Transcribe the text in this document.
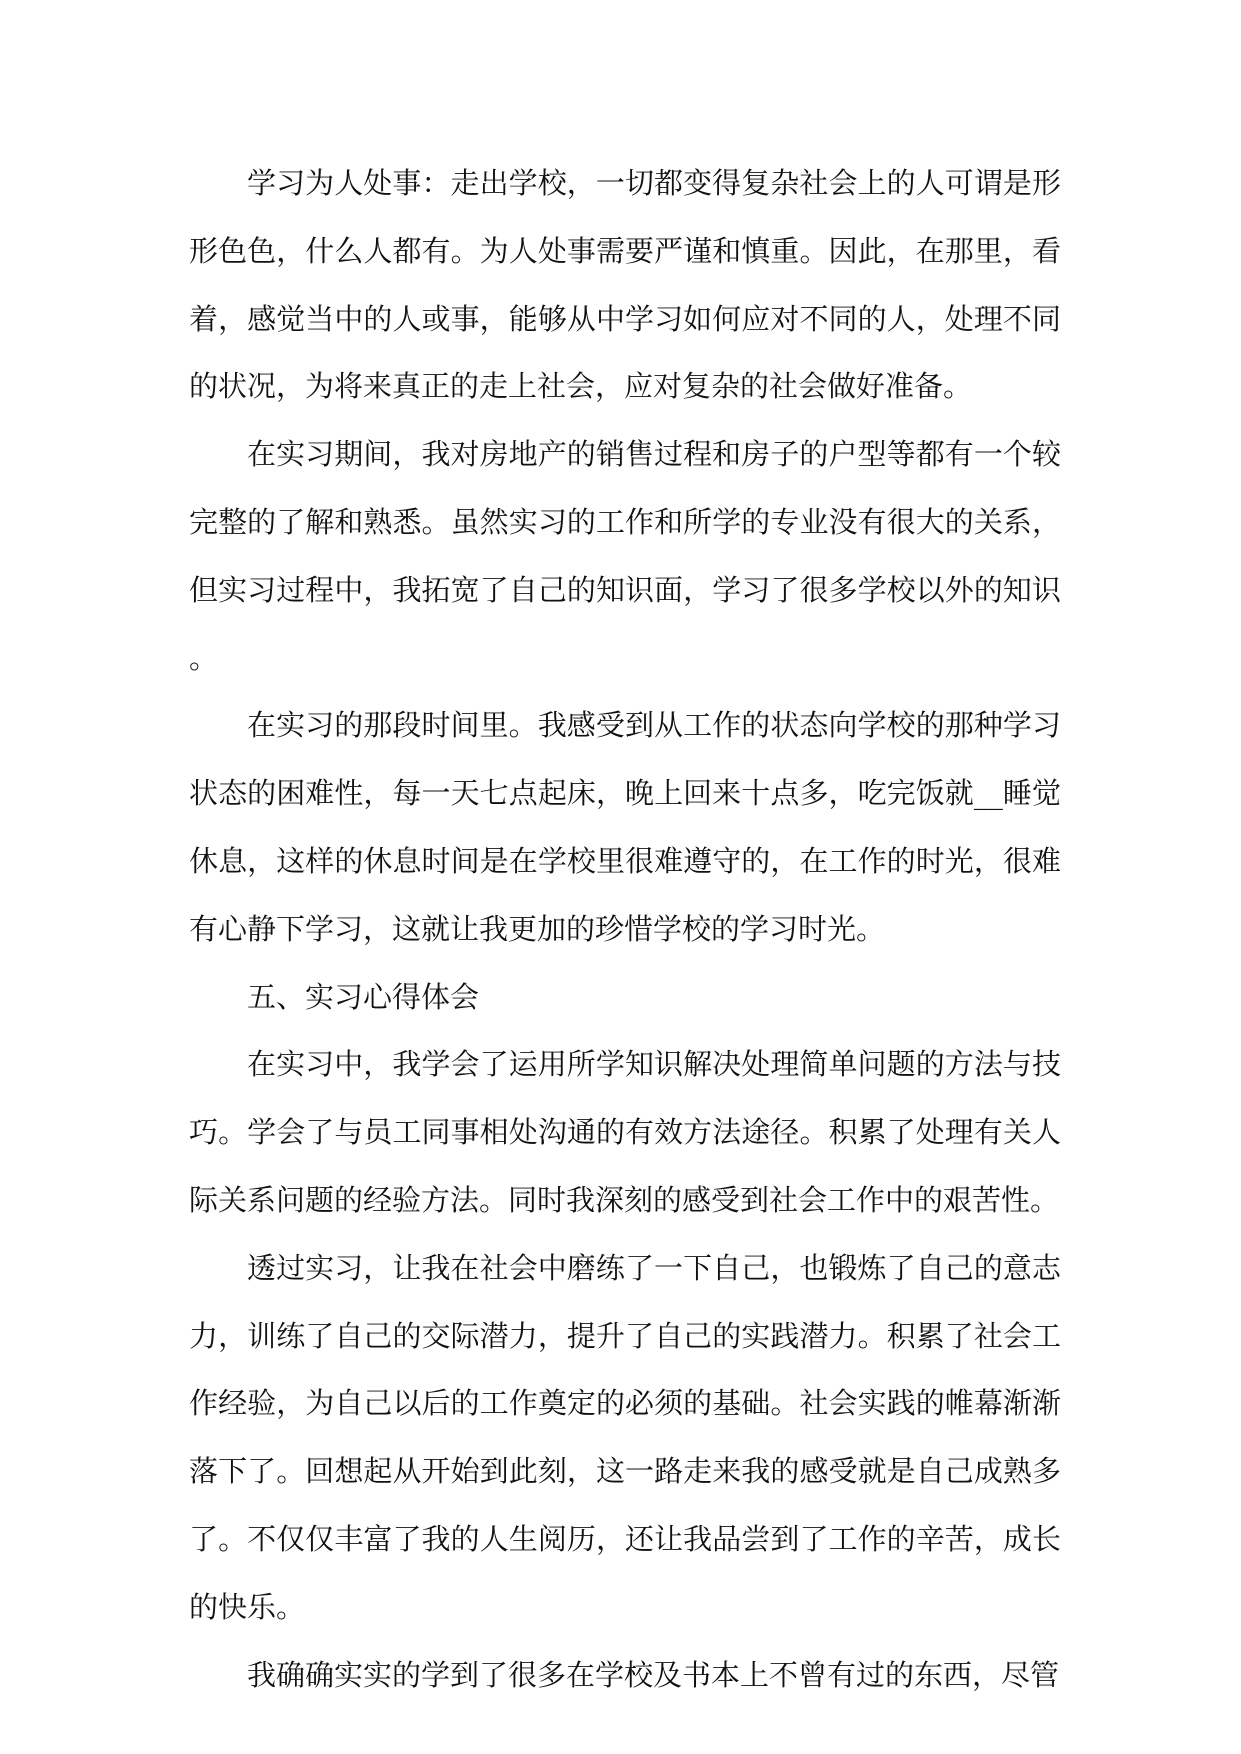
学习为人处事：走出学校，一切都变得复杂社会上的人可谓是形形色色，什么人都有。为人处事需要严谨和慎重。因此，在那里，看着，感觉当中的人或事，能够从中学习如何应对不同的人，处理不同的状况，为将来真正的走上社会，应对复杂的社会做好准备。

在实习期间，我对房地产的销售过程和房子的户型等都有一个较完整的了解和熟悉。虽然实习的工作和所学的专业没有很大的关系，但实习过程中，我拓宽了自己的知识面，学习了很多学校以外的知识。

在实习的那段时间里。我感受到从工作的状态向学校的那种学习状态的困难性，每一天七点起床，晚上回来十点多，吃完饭就__睡觉休息，这样的休息时间是在学校里很难遵守的，在工作的时光，很难有心静下学习，这就让我更加的珍惜学校的学习时光。

五、实习心得体会

在实习中，我学会了运用所学知识解决处理简单问题的方法与技巧。学会了与员工同事相处沟通的有效方法途径。积累了处理有关人际关系问题的经验方法。同时我深刻的感受到社会工作中的艰苦性。

透过实习，让我在社会中磨练了一下自己，也锻炼了自己的意志力，训练了自己的交际潜力，提升了自己的实践潜力。积累了社会工作经验，为自己以后的工作奠定的必须的基础。社会实践的帷幕渐渐落下了。回想起从开始到此刻，这一路走来我的感受就是自己成熟多了。不仅仅丰富了我的人生阅历，还让我品尝到了工作的辛苦，成长的快乐。

我确确实实的学到了很多在学校及书本上不曾有过的东西，尽管
